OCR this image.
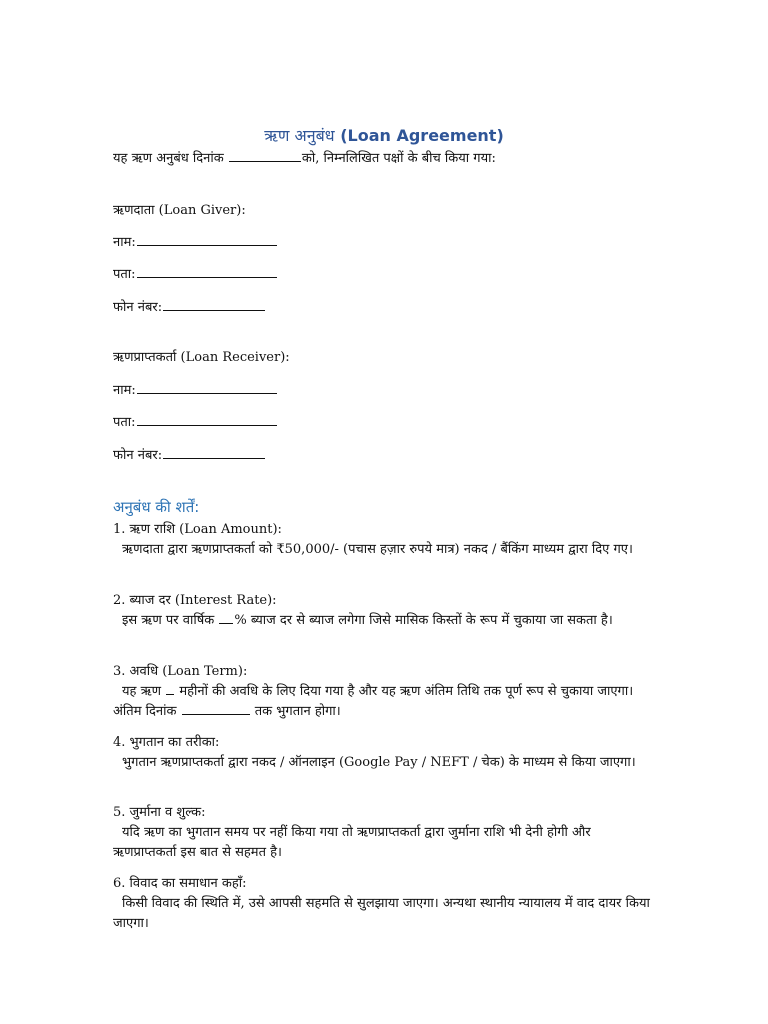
ऋण अनुबंध (Loan Agreement)
यह ऋण अनुबंध दिनांक	को, निम्नलिखित पक्षों के बीच किया गया:
ऋणदाता (Loan Giver):
नाम:
पता:
फोन नंबर:
ऋणप्राप्तकर्ता (Loan Receiver):
नाम:
पता:
फोन नंबर:
अनुबंध की शर्तें:
1. ऋण राशि (Loan Amount):
ऋणदाता द्वारा ऋणप्राप्तकर्ता को ₹50,000/- (पचास हज़ार रुपये मात्र) नकद / बैंकिंग माध्यम द्वारा दिए गए।
2. ब्याज दर (Interest Rate):
इस ऋण पर वार्षिक % ब्याज दर से ब्याज लगेगा जिसे मासिक किस्तों के रूप में चुकाया जा सकता है।
3. अवधि (Loan Term):
यह ऋण महीनों की अवधि के लिए दिया गया है और यह ऋण अंतिम तिथि तक पूर्ण रूप से चुकाया जाएगा। अंतिम दिनांक	तक भुगतान होगा।
4. भुगतान का तरीका:
भुगतान ऋणप्राप्तकर्ता द्वारा नकद / ऑनलाइन (Google Pay / NEFT / चेक) के माध्यम से किया जाएगा।
5. जुर्माना व शुल्क:
यदि ऋण का भुगतान समय पर नहीं किया गया तो ऋणप्राप्तकर्ता द्वारा जुर्माना राशि भी देनी होगी और ऋणप्राप्तकर्ता इस बात से सहमत है।
6. विवाद का समाधान कहाँ:
किसी विवाद की स्थिति में, उसे आपसी सहमति से सुलझाया जाएगा। अन्यथा स्थानीय न्यायालय में वाद दायर किया जाएगा।
